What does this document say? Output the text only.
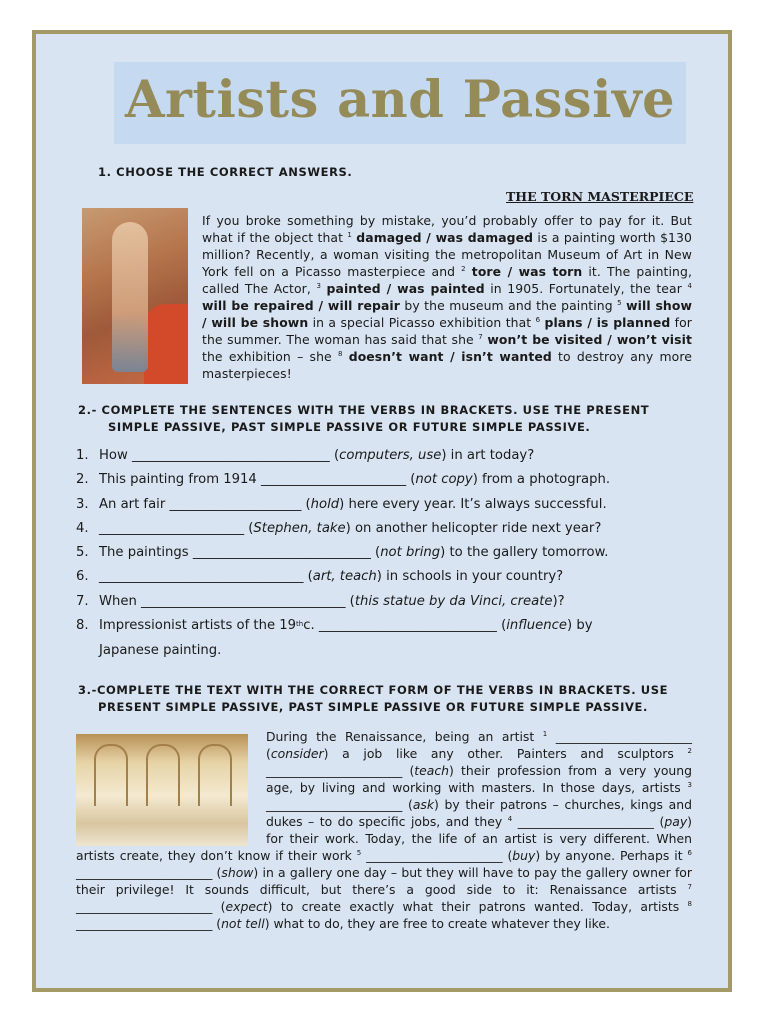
Artists and Passive
1. CHOOSE THE CORRECT ANSWERS.
THE TORN MASTERPIECE
If you broke something by mistake, you’d probably offer to pay for it. But what if the object that $^1$ damaged / was damaged is a painting worth $130 million? Recently, a woman visiting the metropolitan Museum of Art in New York fell on a Picasso masterpiece and $^2$ tore / was torn it. The painting, called The Actor, $^3$ painted / was painted in 1905. Fortunately, the tear $^4$ will be repaired / will repair by the museum and the painting $^5$ will show / will be shown in a special Picasso exhibition that $^6$ plans / is planned for the summer. The woman has said that she $^7$ won’t be visited / won’t visit the exhibition – she $^8$ doesn’t want / isn’t wanted to destroy any more masterpieces!
2.- COMPLETE THE SENTENCES WITH THE VERBS IN BRACKETS. USE THE PRESENT
SIMPLE PASSIVE, PAST SIMPLE PASSIVE OR FUTURE SIMPLE PASSIVE.
1. How ______________________________ (computers, use) in art today?
2. This painting from 1914 ______________________ (not copy) from a photograph.
3. An art fair ____________________ (hold) here every year. It’s always successful.
4. ______________________ (Stephen, take) on another helicopter ride next year?
5. The paintings ___________________________ (not bring) to the gallery tomorrow.
6. _______________________________ (art, teach) in schools in your country?
7. When _______________________________ (this statue by da Vinci, create)?
8. Impressionist artists of the 19thc. ___________________________ (influence) by
Japanese painting.
3.-COMPLETE THE TEXT WITH THE CORRECT FORM OF THE VERBS IN BRACKETS. USE
PRESENT SIMPLE PASSIVE, PAST SIMPLE PASSIVE OR FUTURE SIMPLE PASSIVE.
During the Renaissance, being an artist $^1$ ______________________ (consider) a job like any other. Painters and sculptors $^2$ ______________________ (teach) their profession from a very young age, by living and working with masters. In those days, artists $^3$ ______________________ (ask) by their patrons – churches, kings and dukes – to do specific jobs, and they $^4$ ______________________ (pay) for their work. Today, the life of an artist is very different. When artists create, they don’t know if their work $^5$ ______________________ (buy) by anyone. Perhaps it $^6$ ______________________ (show) in a gallery one day – but they will have to pay the gallery owner for their privilege! It sounds difficult, but there’s a good side to it: Renaissance artists $^7$ ______________________ (expect) to create exactly what their patrons wanted. Today, artists $^8$ ______________________ (not tell) what to do, they are free to create whatever they like.
